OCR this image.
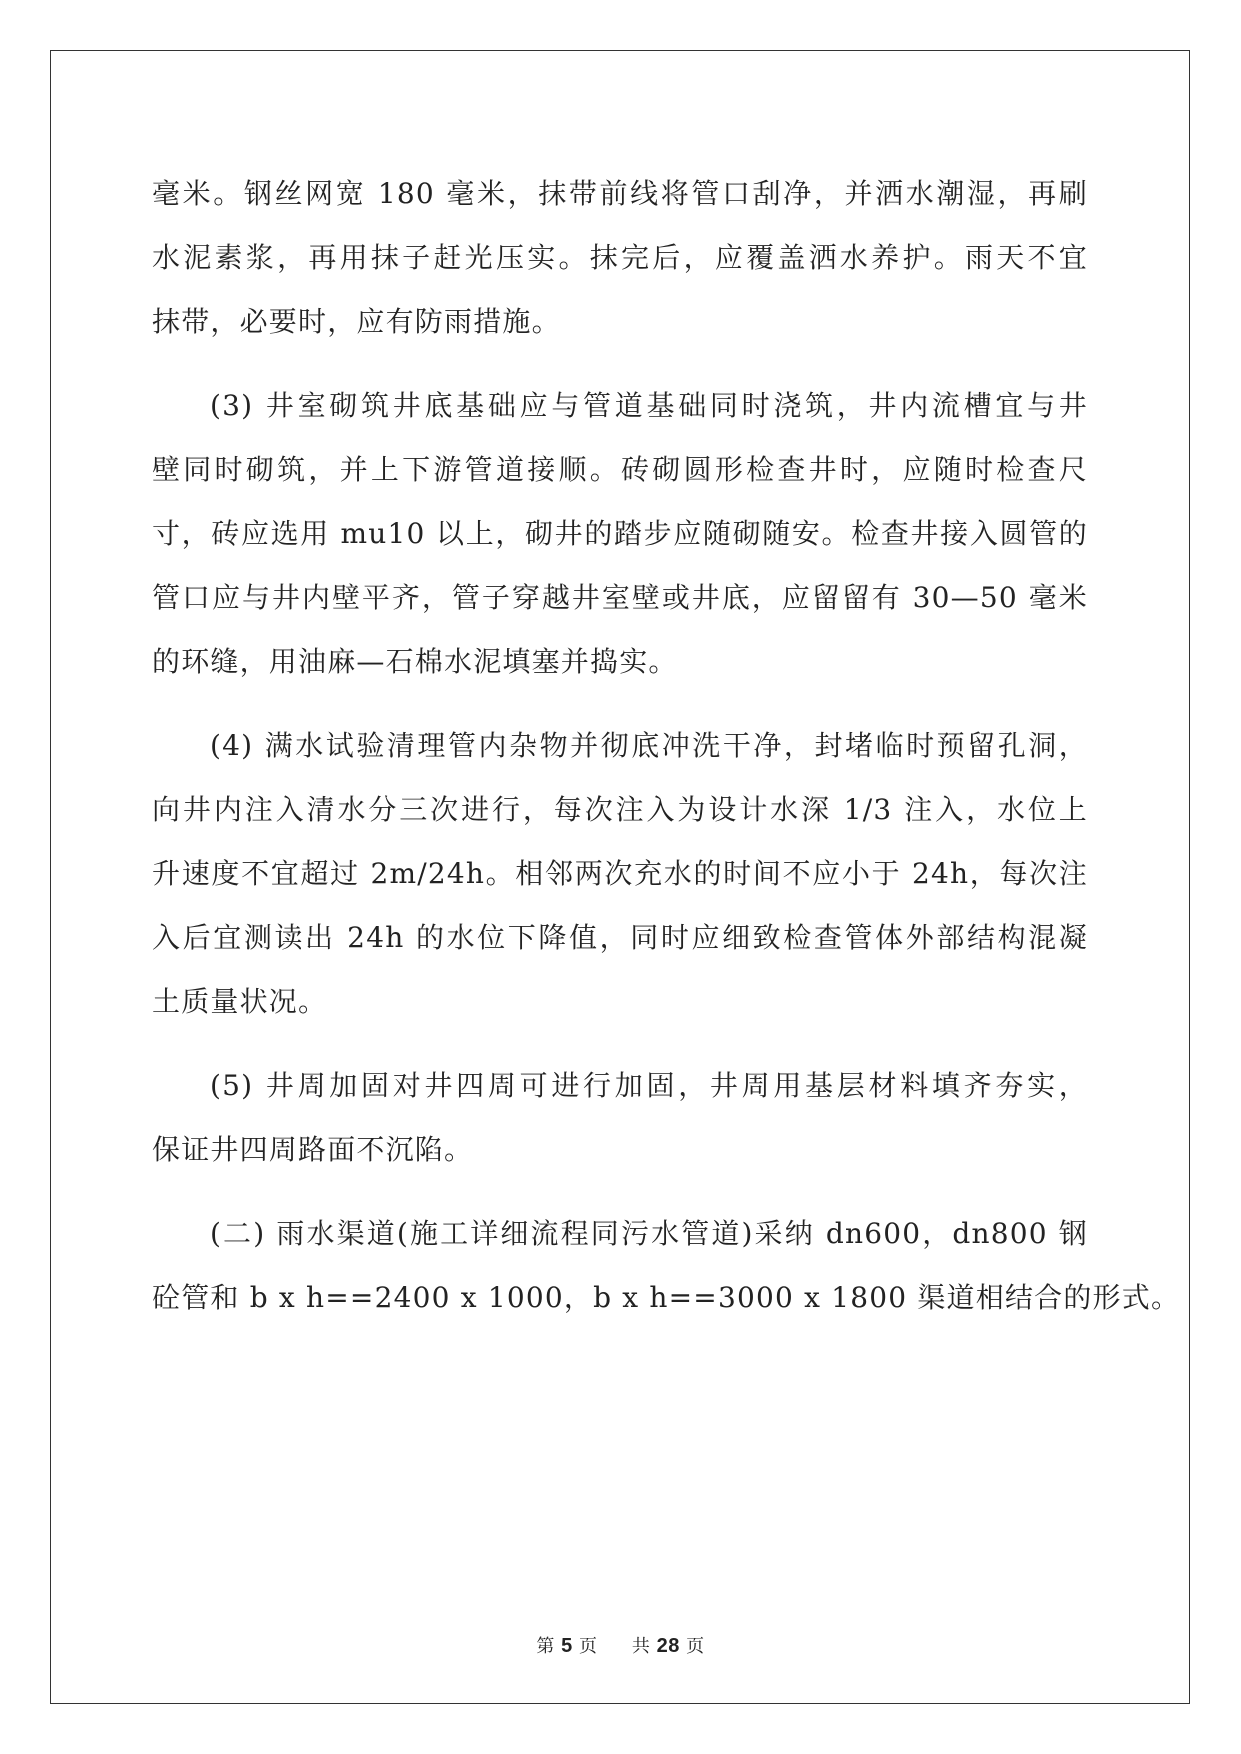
毫米。钢丝网宽 180 毫米，抹带前线将管口刮净，并洒水潮湿，再刷
水泥素浆，再用抹子赶光压实。抹完后，应覆盖洒水养护。雨天不宜
抹带，必要时，应有防雨措施。
(3) 井室砌筑井底基础应与管道基础同时浇筑，井内流槽宜与井
壁同时砌筑，并上下游管道接顺。砖砌圆形检查井时，应随时检查尺
寸，砖应选用 mu10 以上，砌井的踏步应随砌随安。检查井接入圆管的
管口应与井内壁平齐，管子穿越井室壁或井底，应留留有 30—50 毫米
的环缝，用油麻—石棉水泥填塞并捣实。
(4) 满水试验清理管内杂物并彻底冲洗干净，封堵临时预留孔洞，
向井内注入清水分三次进行，每次注入为设计水深 1/3 注入，水位上
升速度不宜超过 2m/24h。相邻两次充水的时间不应小于 24h，每次注
入后宜测读出 24h 的水位下降值，同时应细致检查管体外部结构混凝
土质量状况。
(5) 井周加固对井四周可进行加固，井周用基层材料填齐夯实，
保证井四周路面不沉陷。
(二) 雨水渠道(施工详细流程同污水管道)采纳 dn600，dn800 钢
砼管和 b x h==2400 x 1000，b x h==3000 x 1800 渠道相结合的形式。
第 5 页 共 28 页
